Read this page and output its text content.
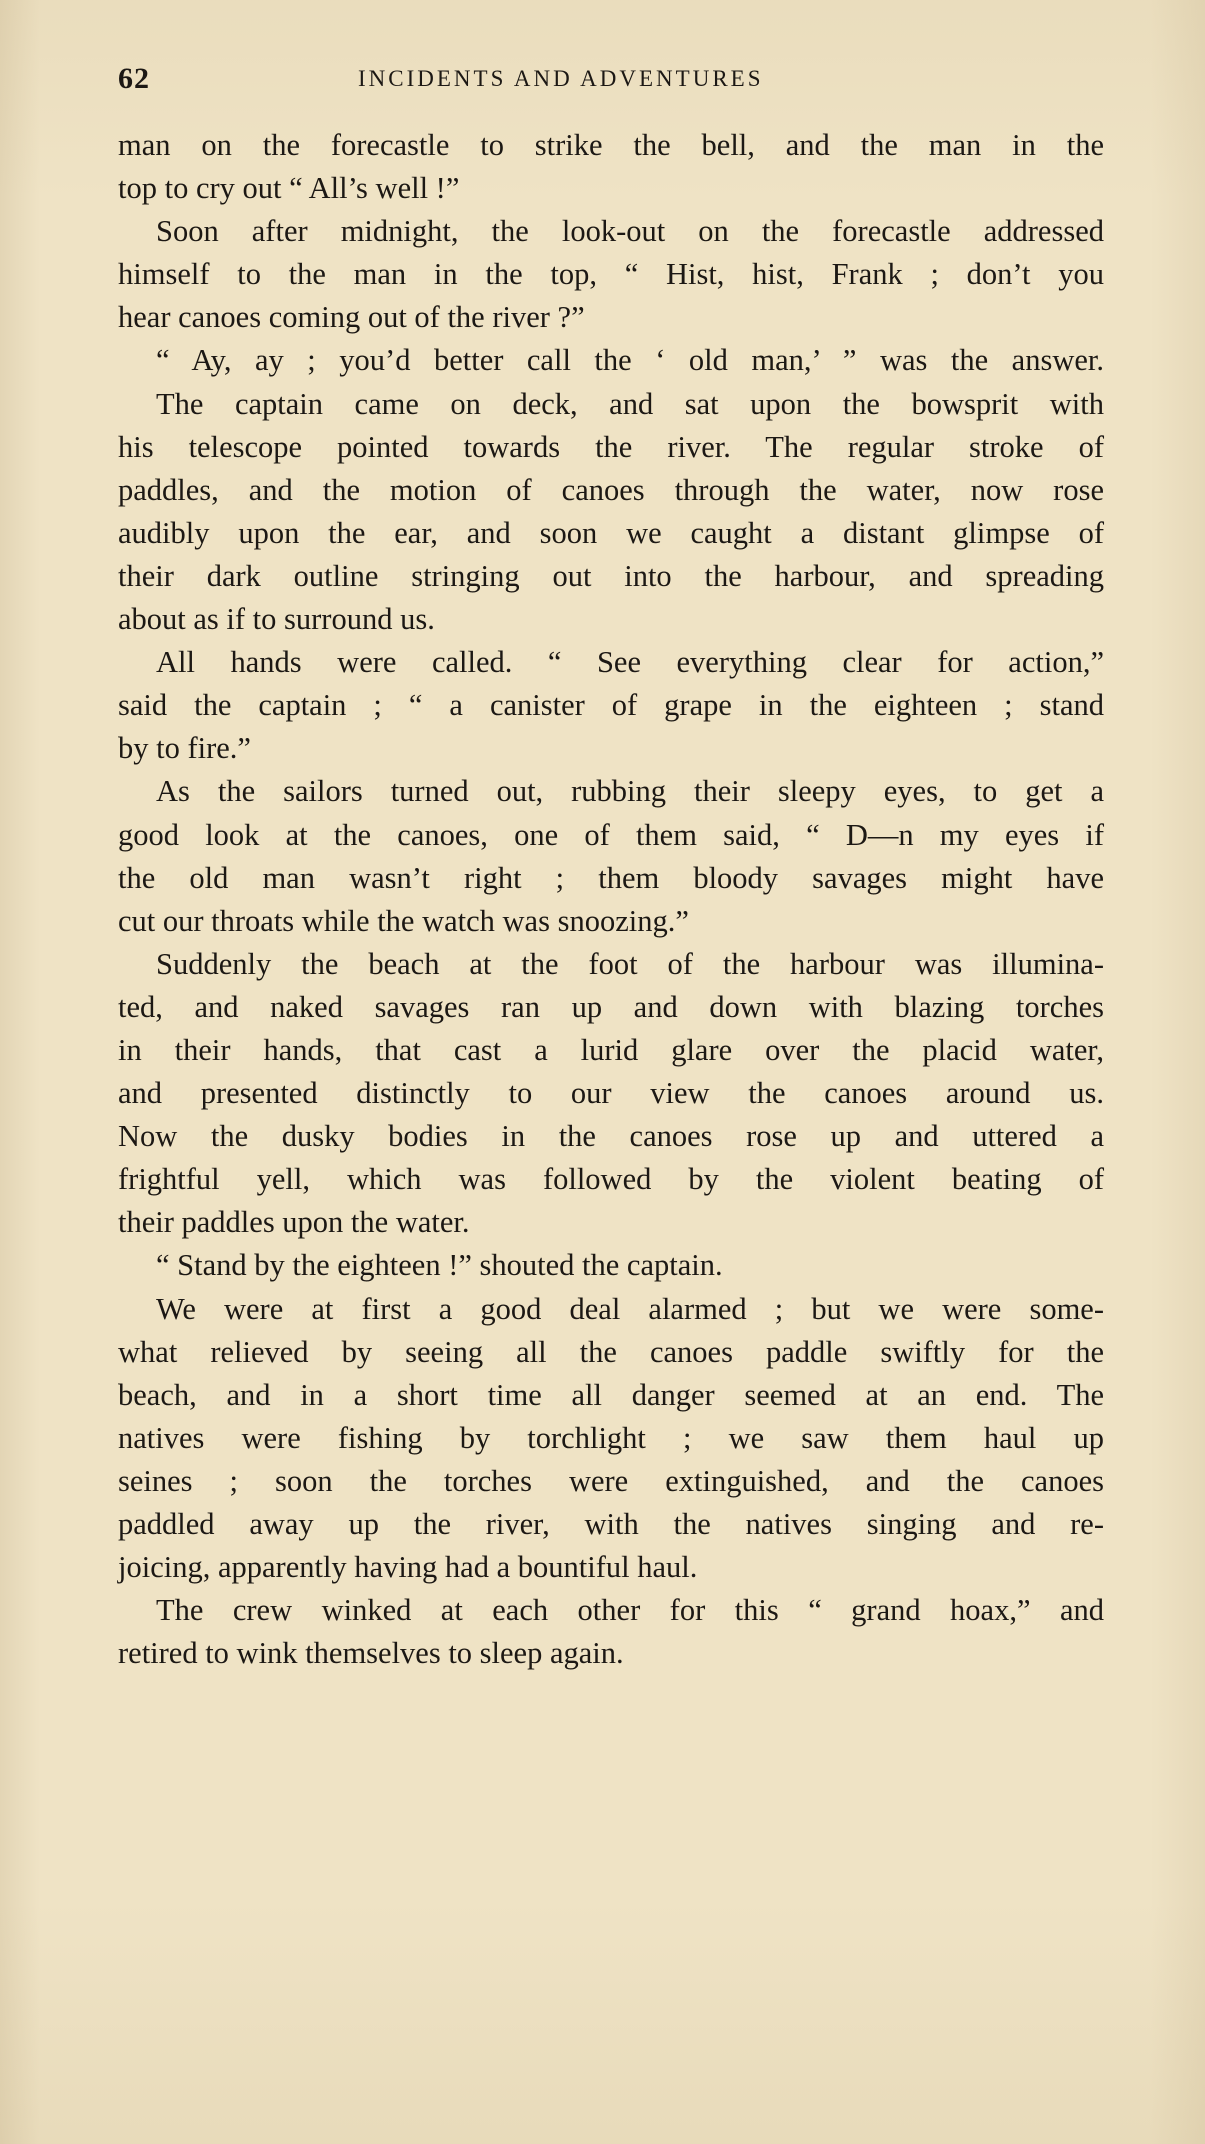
62	INCIDENTS AND ADVENTURES
man on the forecastle to strike the bell, and the man in the
top to cry out “ All’s well !”
Soon after midnight, the look-out on the forecastle addressed
himself to the man in the top, “ Hist, hist, Frank ; don’t you
hear canoes coming out of the river ?”
“ Ay, ay ; you’d better call the ‘ old man,’ ” was the answer.
The captain came on deck, and sat upon the bowsprit with
his telescope pointed towards the river. The regular stroke of
paddles, and the motion of canoes through the water, now rose
audibly upon the ear, and soon we caught a distant glimpse of
their dark outline stringing out into the harbour, and spreading
about as if to surround us.
All hands were called. “ See everything clear for action,”
said the captain ; “ a canister of grape in the eighteen ; stand
by to fire.”
As the sailors turned out, rubbing their sleepy eyes, to get a
good look at the canoes, one of them said, “ D—n my eyes if
the old man wasn’t right ; them bloody savages might have
cut our throats while the watch was snoozing.”
Suddenly the beach at the foot of the harbour was illumina-
ted, and naked savages ran up and down with blazing torches
in their hands, that cast a lurid glare over the placid water,
and presented distinctly to our view the canoes around us.
Now the dusky bodies in the canoes rose up and uttered a
frightful yell, which was followed by the violent beating of
their paddles upon the water.
“ Stand by the eighteen !” shouted the captain.
We were at first a good deal alarmed ; but we were some-
what relieved by seeing all the canoes paddle swiftly for the
beach, and in a short time all danger seemed at an end. The
natives were fishing by torchlight ; we saw them haul up
seines ; soon the torches were extinguished, and the canoes
paddled away up the river, with the natives singing and re-
joicing, apparently having had a bountiful haul.
The crew winked at each other for this “ grand hoax,” and
retired to wink themselves to sleep again.
